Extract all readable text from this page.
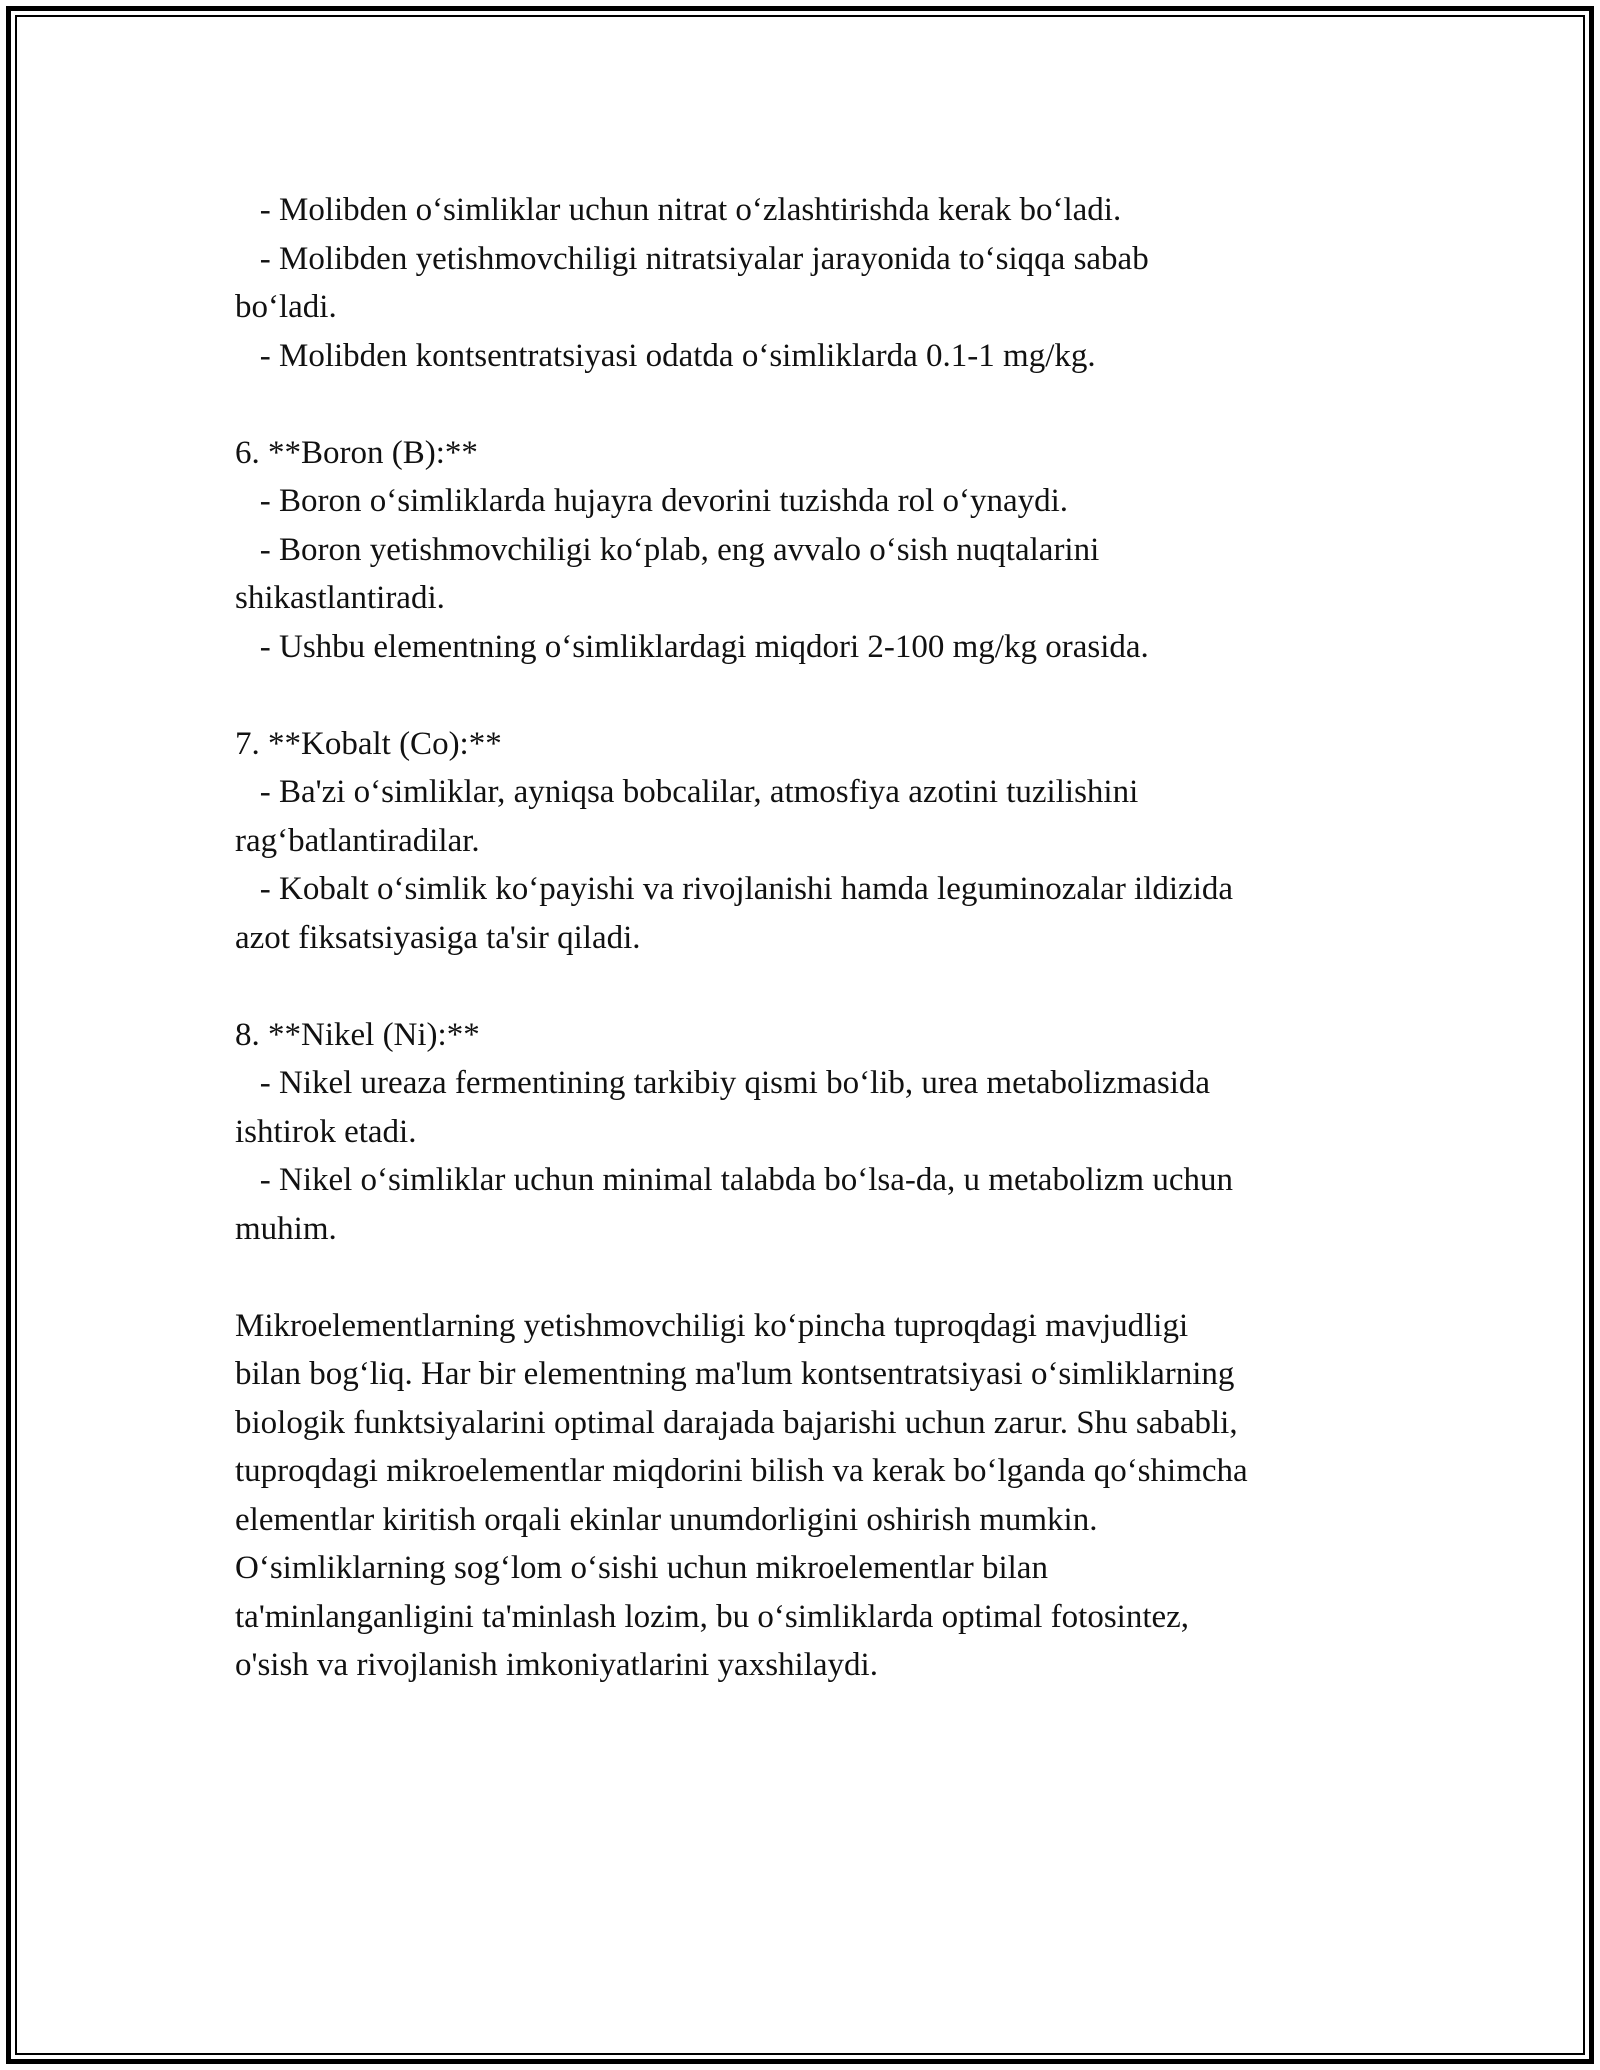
- Molibden o‘simliklar uchun nitrat o‘zlashtirishda kerak bo‘ladi.
- Molibden yetishmovchiligi nitratsiyalar jarayonida to‘siqqa sabab
bo‘ladi.
- Molibden kontsentratsiyasi odatda o‘simliklarda 0.1-1 mg/kg.
6. **Boron (B):**
- Boron o‘simliklarda hujayra devorini tuzishda rol o‘ynaydi.
- Boron yetishmovchiligi ko‘plab, eng avvalo o‘sish nuqtalarini
shikastlantiradi.
- Ushbu elementning o‘simliklardagi miqdori 2-100 mg/kg orasida.
7. **Kobalt (Co):**
- Ba'zi o‘simliklar, ayniqsa bobcalilar, atmosfiya azotini tuzilishini
rag‘batlantiradilar.
- Kobalt o‘simlik ko‘payishi va rivojlanishi hamda leguminozalar ildizida
azot fiksatsiyasiga ta'sir qiladi.
8. **Nikel (Ni):**
- Nikel ureaza fermentining tarkibiy qismi bo‘lib, urea metabolizmasida
ishtirok etadi.
- Nikel o‘simliklar uchun minimal talabda bo‘lsa-da, u metabolizm uchun
muhim.
Mikroelementlarning yetishmovchiligi ko‘pincha tuproqdagi mavjudligi
bilan bog‘liq. Har bir elementning ma'lum kontsentratsiyasi o‘simliklarning
biologik funktsiyalarini optimal darajada bajarishi uchun zarur. Shu sababli,
tuproqdagi mikroelementlar miqdorini bilish va kerak bo‘lganda qo‘shimcha
elementlar kiritish orqali ekinlar unumdorligini oshirish mumkin.
O‘simliklarning sog‘lom o‘sishi uchun mikroelementlar bilan
ta'minlanganligini ta'minlash lozim, bu o‘simliklarda optimal fotosintez,
o'sish va rivojlanish imkoniyatlarini yaxshilaydi.
